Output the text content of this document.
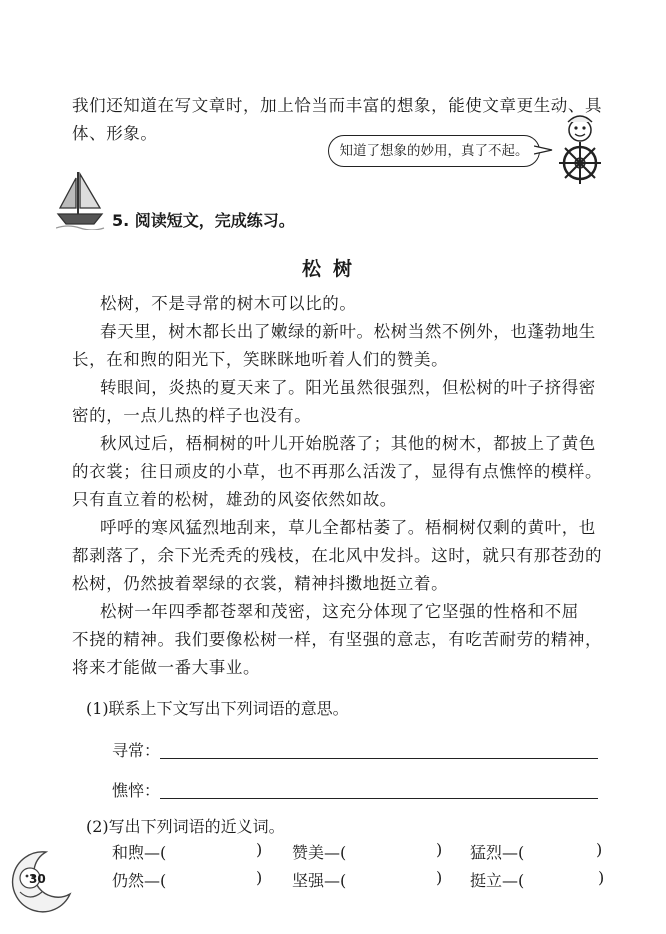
我们还知道在写文章时，加上恰当而丰富的想象，能使文章更生动、具
体、形象。
知道了想象的妙用，真了不起。
5. 阅读短文，完成练习。
松树
松树，不是寻常的树木可以比的。
春天里，树木都长出了嫩绿的新叶。松树当然不例外，也蓬勃地生
长，在和煦的阳光下，笑眯眯地听着人们的赞美。
转眼间，炎热的夏天来了。阳光虽然很强烈，但松树的叶子挤得密
密的，一点儿热的样子也没有。
秋风过后，梧桐树的叶儿开始脱落了；其他的树木，都披上了黄色
的衣裳；往日顽皮的小草，也不再那么活泼了，显得有点憔悴的模样。
只有直立着的松树，雄劲的风姿依然如故。
呼呼的寒风猛烈地刮来，草儿全都枯萎了。梧桐树仅剩的黄叶，也
都剥落了，余下光秃秃的残枝，在北风中发抖。这时，就只有那苍劲的
松树，仍然披着翠绿的衣裳，精神抖擞地挺立着。
松树一年四季都苍翠和茂密，这充分体现了它坚强的性格和不屈
不挠的精神。我们要像松树一样，有坚强的意志，有吃苦耐劳的精神，
将来才能做一番大事业。
(1)联系上下文写出下列词语的意思。
寻常：
憔悴：
(2)写出下列词语的近义词。
和煦—(	) 赞美—(	) 猛烈—(	)
仍然—(	) 坚强—(	) 挺立—(	)
30
